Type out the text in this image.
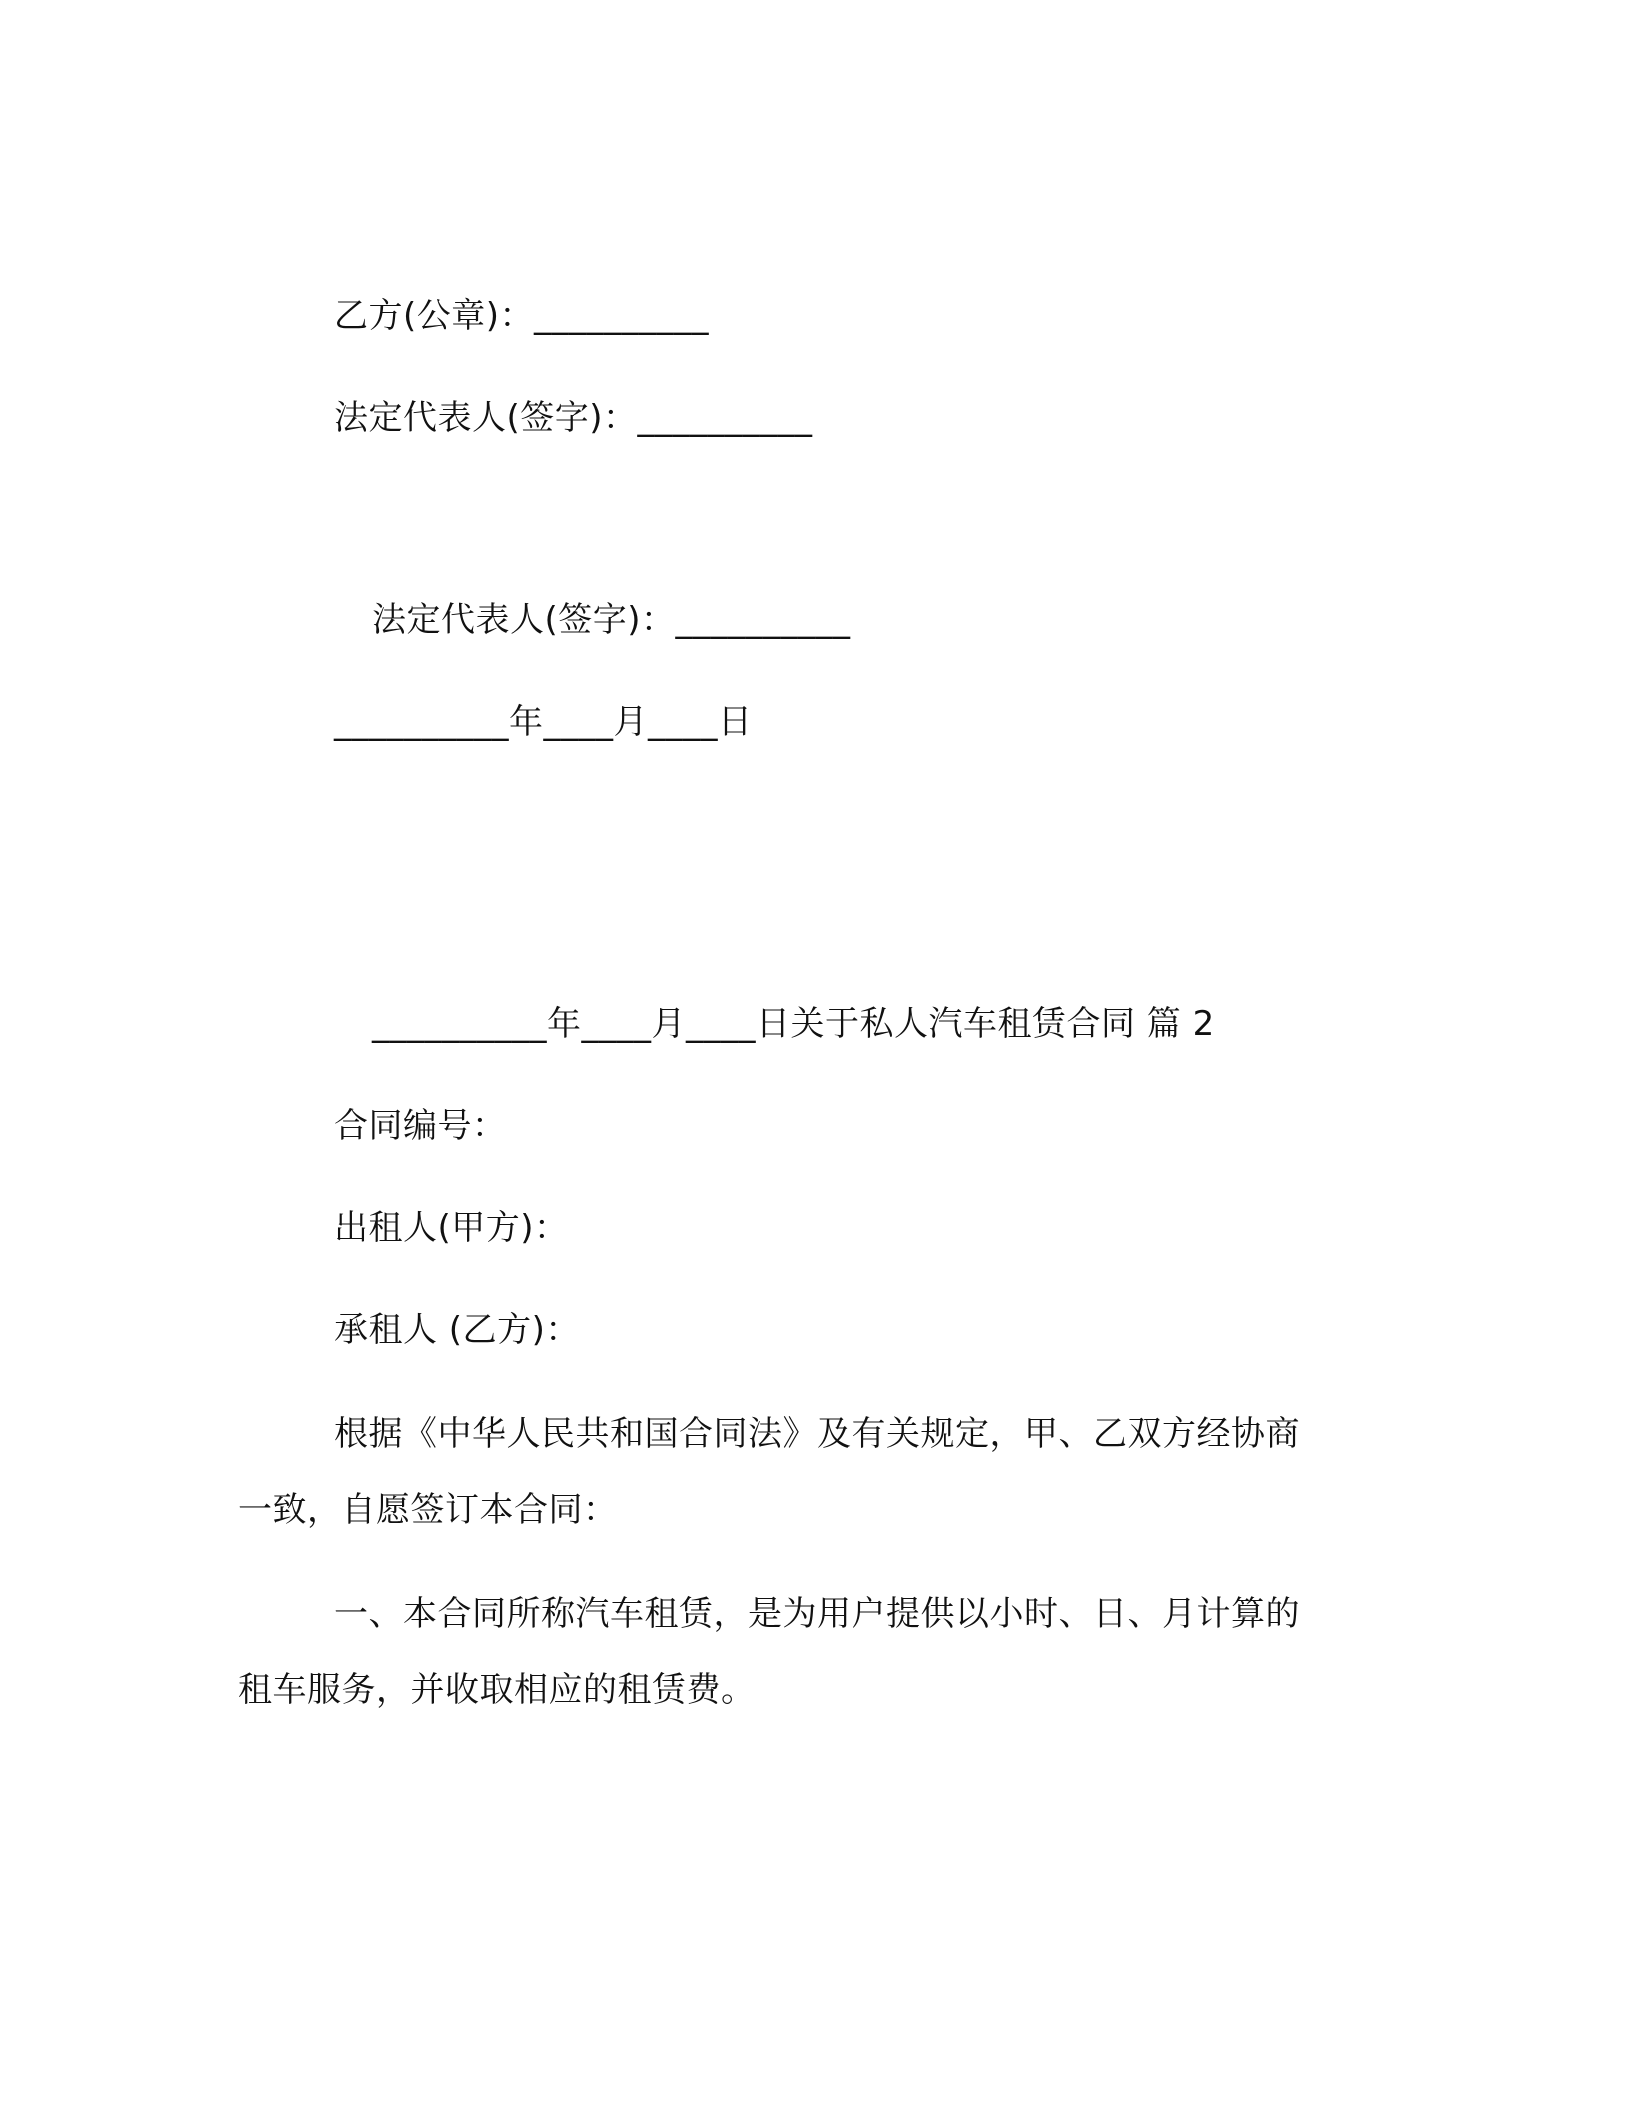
乙方(公章)：__________
法定代表人(签字)：__________
法定代表人(签字)：__________
__________年____月____日
__________年____月____日关于私人汽车租赁合同 篇 2
合同编号：
出租人(甲方)：
承租人 (乙方)：
根据《中华人民共和国合同法》及有关规定，甲、乙双方经协商
一致，自愿签订本合同：
一、本合同所称汽车租赁，是为用户提供以小时、日、月计算的
租车服务，并收取相应的租赁费。
